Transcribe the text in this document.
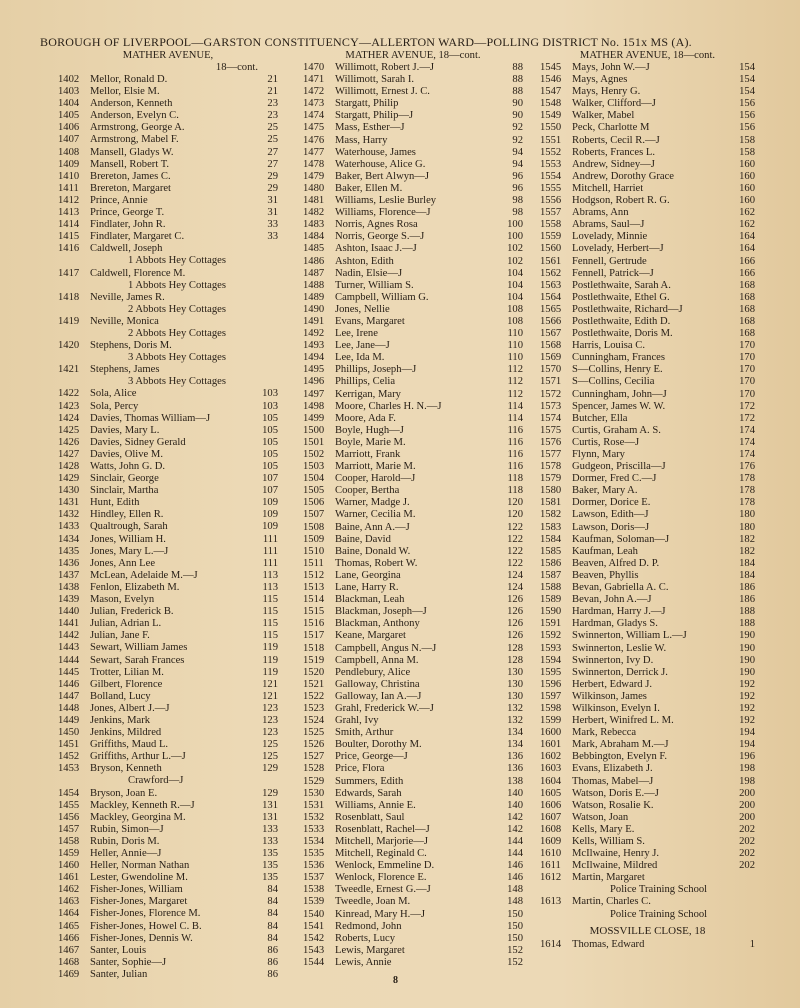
BOROUGH OF LIVERPOOL—GARSTON CONSTITUENCY—ALLERTON WARD—POLLING DISTRICT No. 151x MS (A).
MATHER AVENUE,
18—cont.
1402	Mellor, Ronald D.	21
1403	Mellor, Elsie M.	21
1404	Anderson, Kenneth	23
1405	Anderson, Evelyn C.	23
1406	Armstrong, George A.	25
1407	Armstrong, Mabel F.	25
1408	Mansell, Gladys W.	27
1409	Mansell, Robert T.	27
1410	Brereton, James C.	29
1411	Brereton, Margaret	29
1412	Prince, Annie	31
1413	Prince, George T.	31
1414	Findlater, John R.	33
1415	Findlater, Margaret C.	33
1416	Caldwell, Joseph
1 Abbots Hey Cottages
1417	Caldwell, Florence M.
1 Abbots Hey Cottages
1418	Neville, James R.
2 Abbots Hey Cottages
1419	Neville, Monica
2 Abbots Hey Cottages
1420	Stephens, Doris M.
3 Abbots Hey Cottages
1421	Stephens, James
3 Abbots Hey Cottages
1422	Sola, Alice	103
1423	Sola, Percy	103
1424	Davies, Thomas William—J	105
1425	Davies, Mary L.	105
1426	Davies, Sidney Gerald	105
1427	Davies, Olive M.	105
1428	Watts, John G. D.	105
1429	Sinclair, George	107
1430	Sinclair, Martha	107
1431	Hunt, Edith	109
1432	Hindley, Ellen R.	109
1433	Qualtrough, Sarah	109
1434	Jones, William H.	111
1435	Jones, Mary L.—J	111
1436	Jones, Ann Lee	111
1437	McLean, Adelaide M.—J	113
1438	Fenlon, Elizabeth M.	113
1439	Mason, Evelyn	115
1440	Julian, Frederick B.	115
1441	Julian, Adrian L.	115
1442	Julian, Jane F.	115
1443	Sewart, William James	119
1444	Sewart, Sarah Frances	119
1445	Trotter, Lilian M.	119
1446	Gilbert, Florence	121
1447	Bolland, Lucy	121
1448	Jones, Albert J.—J	123
1449	Jenkins, Mark	123
1450	Jenkins, Mildred	123
1451	Griffiths, Maud L.	125
1452	Griffiths, Arthur L.—J	125
1453	Bryson, Kenneth	129
Crawford—J
1454	Bryson, Joan E.	129
1455	Mackley, Kenneth R.—J	131
1456	Mackley, Georgina M.	131
1457	Rubin, Simon—J	133
1458	Rubin, Doris M.	133
1459	Heller, Annie—J	135
1460	Heller, Norman Nathan	135
1461	Lester, Gwendoline M.	135
1462	Fisher-Jones, William	84
1463	Fisher-Jones, Margaret	84
1464	Fisher-Jones, Florence M.	84
1465	Fisher-Jones, Howel C. B.	84
1466	Fisher-Jones, Dennis W.	84
1467	Santer, Louis	86
1468	Santer, Sophie—J	86
1469	Santer, Julian	86
MATHER AVENUE, 18—cont.
1470	Willimott, Robert J.—J	88
1471	Willimott, Sarah I.	88
1472	Willimott, Ernest J. C.	88
1473	Stargatt, Philip	90
1474	Stargatt, Philip—J	90
1475	Mass, Esther—J	92
1476	Mass, Harry	92
1477	Waterhouse, James	94
1478	Waterhouse, Alice G.	94
1479	Baker, Bert Alwyn—J	96
1480	Baker, Ellen M.	96
1481	Williams, Leslie Burley	98
1482	Williams, Florence—J	98
1483	Norris, Agnes Rosa	100
1484	Norris, George S.—J	100
1485	Ashton, Isaac J.—J	102
1486	Ashton, Edith	102
1487	Nadin, Elsie—J	104
1488	Turner, William S.	104
1489	Campbell, William G.	104
1490	Jones, Nellie	108
1491	Evans, Margaret	108
1492	Lee, Irene	110
1493	Lee, Jane—J	110
1494	Lee, Ida M.	110
1495	Phillips, Joseph—J	112
1496	Phillips, Celia	112
1497	Kerrigan, Mary	112
1498	Moore, Charles H. N.—J	114
1499	Moore, Ada F.	114
1500	Boyle, Hugh—J	116
1501	Boyle, Marie M.	116
1502	Marriott, Frank	116
1503	Marriott, Marie M.	116
1504	Cooper, Harold—J	118
1505	Cooper, Bertha	118
1506	Warner, Madge J.	120
1507	Warner, Cecilia M.	120
1508	Baine, Ann A.—J	122
1509	Baine, David	122
1510	Baine, Donald W.	122
1511	Thomas, Robert W.	122
1512	Lane, Georgina	124
1513	Lane, Harry R.	124
1514	Blackman, Leah	126
1515	Blackman, Joseph—J	126
1516	Blackman, Anthony	126
1517	Keane, Margaret	126
1518	Campbell, Angus N.—J	128
1519	Campbell, Anna M.	128
1520	Pendlebury, Alice	130
1521	Galloway, Christina	130
1522	Galloway, Ian A.—J	130
1523	Grahl, Frederick W.—J	132
1524	Grahl, Ivy	132
1525	Smith, Arthur	134
1526	Boulter, Dorothy M.	134
1527	Price, George—J	136
1528	Price, Flora	136
1529	Summers, Edith	138
1530	Edwards, Sarah	140
1531	Williams, Annie E.	140
1532	Rosenblatt, Saul	142
1533	Rosenblatt, Rachel—J	142
1534	Mitchell, Marjorie—J	144
1535	Mitchell, Reginald C.	144
1536	Wenlock, Emmeline D.	146
1537	Wenlock, Florence E.	146
1538	Tweedle, Ernest G.—J	148
1539	Tweedle, Joan M.	148
1540	Kinread, Mary H.—J	150
1541	Redmond, John	150
1542	Roberts, Lucy	150
1543	Lewis, Margaret	152
1544	Lewis, Annie	152
MATHER AVENUE, 18—cont.
1545	Mays, John W.—J	154
1546	Mays, Agnes	154
1547	Mays, Henry G.	154
1548	Walker, Clifford—J	156
1549	Walker, Mabel	156
1550	Peck, Charlotte M	156
1551	Roberts, Cecil R.—J	158
1552	Roberts, Frances L.	158
1553	Andrew, Sidney—J	160
1554	Andrew, Dorothy Grace	160
1555	Mitchell, Harriet	160
1556	Hodgson, Robert R. G.	160
1557	Abrams, Ann	162
1558	Abrams, Saul—J	162
1559	Lovelady, Minnie	164
1560	Lovelady, Herbert—J	164
1561	Fennell, Gertrude	166
1562	Fennell, Patrick—J	166
1563	Postlethwaite, Sarah A.	168
1564	Postlethwaite, Ethel G.	168
1565	Postlethwaite, Richard—J	168
1566	Postlethwaite, Edith D.	168
1567	Postlethwaite, Doris M.	168
1568	Harris, Louisa C.	170
1569	Cunningham, Frances	170
1570	S—Collins, Henry E.	170
1571	S—Collins, Cecilia	170
1572	Cunningham, John—J	170
1573	Spencer, James W. W.	172
1574	Butcher, Ella	172
1575	Curtis, Graham A. S.	174
1576	Curtis, Rose—J	174
1577	Flynn, Mary	174
1578	Gudgeon, Priscilla—J	176
1579	Dormer, Fred C.—J	178
1580	Baker, Mary A.	178
1581	Dormer, Dorice E.	178
1582	Lawson, Edith—J	180
1583	Lawson, Doris—J	180
1584	Kaufman, Soloman—J	182
1585	Kaufman, Leah	182
1586	Beaven, Alfred D. P.	184
1587	Beaven, Phyllis	184
1588	Bevan, Gabriella A. C.	186
1589	Bevan, John A.—J	186
1590	Hardman, Harry J.—J	188
1591	Hardman, Gladys S.	188
1592	Swinnerton, William L.—J	190
1593	Swinnerton, Leslie W.	190
1594	Swinnerton, Ivy D.	190
1595	Swinnerton, Derrick J.	190
1596	Herbert, Edward J.	192
1597	Wilkinson, James	192
1598	Wilkinson, Evelyn I.	192
1599	Herbert, Winifred L. M.	192
1600	Mark, Rebecca	194
1601	Mark, Abraham M.—J	194
1602	Bebbington, Evelyn F.	196
1603	Evans, Elizabeth J.	198
1604	Thomas, Mabel—J	198
1605	Watson, Doris E.—J	200
1606	Watson, Rosalie K.	200
1607	Watson, Joan	200
1608	Kells, Mary E.	202
1609	Kells, William S.	202
1610	McIlwaine, Henry J.	202
1611	McIlwaine, Mildred	202
1612	Martin, Margaret
Police Training School
1613	Martin, Charles C.
Police Training School
MOSSVILLE CLOSE, 18
1614	Thomas, Edward	1
8
